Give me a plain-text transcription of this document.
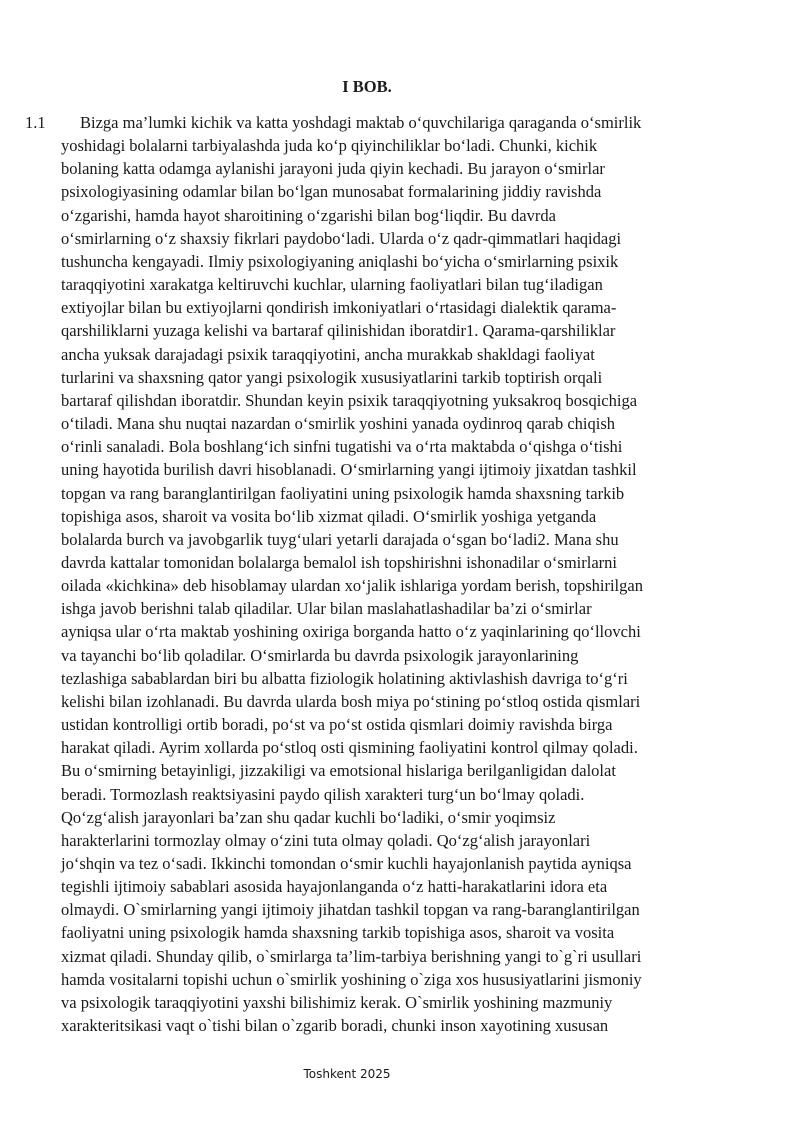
I BOB.
1.1	Bizga ma’lumki kichik va katta yoshdagi maktab o‘quvchilariga qaraganda o‘smirlik
yoshidagi bolalarni tarbiyalashda juda ko‘p qiyinchiliklar bo‘ladi. Chunki, kichik
bolaning katta odamga aylanishi jarayoni juda qiyin kechadi. Bu jarayon o‘smirlar
psixologiyasining odamlar bilan bo‘lgan munosabat formalarining jiddiy ravishda
o‘zgarishi, hamda hayot sharoitining o‘zgarishi bilan bog‘liqdir. Bu davrda
o‘smirlarning o‘z shaxsiy fikrlari paydobo‘ladi. Ularda o‘z qadr-qimmatlari haqidagi
tushuncha kengayadi. Ilmiy psixologiyaning aniqlashi bo‘yicha o‘smirlarning psixik
taraqqiyotini xarakatga keltiruvchi kuchlar, ularning faoliyatlari bilan tug‘iladigan
extiyojlar bilan bu extiyojlarni qondirish imkoniyatlari o‘rtasidagi dialektik qarama-
qarshiliklarni yuzaga kelishi va bartaraf qilinishidan iboratdir1. Qarama-qarshiliklar
ancha yuksak darajadagi psixik taraqqiyotini, ancha murakkab shakldagi faoliyat
turlarini va shaxsning qator yangi psixologik xususiyatlarini tarkib toptirish orqali
bartaraf qilishdan iboratdir. Shundan keyin psixik taraqqiyotning yuksakroq bosqichiga
o‘tiladi. Mana shu nuqtai nazardan o‘smirlik yoshini yanada oydinroq qarab chiqish
o‘rinli sanaladi. Bola boshlang‘ich sinfni tugatishi va o‘rta maktabda o‘qishga o‘tishi
uning hayotida burilish davri hisoblanadi. O‘smirlarning yangi ijtimoiy jixatdan tashkil
topgan va rang baranglantirilgan faoliyatini uning psixologik hamda shaxsning tarkib
topishiga asos, sharoit va vosita bo‘lib xizmat qiladi. O‘smirlik yoshiga yetganda
bolalarda burch va javobgarlik tuyg‘ulari yetarli darajada o‘sgan bo‘ladi2. Mana shu
davrda kattalar tomonidan bolalarga bemalol ish topshirishni ishonadilar o‘smirlarni
oilada «kichkina» deb hisoblamay ulardan xo‘jalik ishlariga yordam berish, topshirilgan
ishga javob berishni talab qiladilar. Ular bilan maslahatlashadilar ba’zi o‘smirlar
ayniqsa ular o‘rta maktab yoshining oxiriga borganda hatto o‘z yaqinlarining qo‘llovchi
va tayanchi bo‘lib qoladilar. O‘smirlarda bu davrda psixologik jarayonlarining
tezlashiga sabablardan biri bu albatta fiziologik holatining aktivlashish davriga to‘g‘ri
kelishi bilan izohlanadi. Bu davrda ularda bosh miya po‘stining po‘stloq ostida qismlari
ustidan kontrolligi ortib boradi, po‘st va po‘st ostida qismlari doimiy ravishda birga
harakat qiladi. Ayrim xollarda po‘stloq osti qismining faoliyatini kontrol qilmay qoladi.
Bu o‘smirning betayinligi, jizzakiligi va emotsional hislariga berilganligidan dalolat
beradi. Tormozlash reaktsiyasini paydo qilish xarakteri turg‘un bo‘lmay qoladi.
Qo‘zg‘alish jarayonlari ba’zan shu qadar kuchli bo‘ladiki, o‘smir yoqimsiz
harakterlarini tormozlay olmay o‘zini tuta olmay qoladi. Qo‘zg‘alish jarayonlari
jo‘shqin va tez o‘sadi. Ikkinchi tomondan o‘smir kuchli hayajonlanish paytida ayniqsa
tegishli ijtimoiy sabablari asosida hayajonlanganda o‘z hatti-harakatlarini idora eta
olmaydi. O`smirlarning yangi ijtimoiy jihatdan tashkil topgan va rang-baranglantirilgan
faoliyatni uning psixologik hamda shaxsning tarkib topishiga asos, sharoit va vosita
xizmat qiladi. Shunday qilib, o`smirlarga ta’lim-tarbiya berishning yangi to`g`ri usullari
hamda vositalarni topishi uchun o`smirlik yoshining o`ziga xos hususiyatlarini jismoniy
va psixologik taraqqiyotini yaxshi bilishimiz kerak. O`smirlik yoshining mazmuniy
xarakteritsikasi vaqt o`tishi bilan o`zgarib boradi, chunki inson xayotining xususan
Toshkent 2025
